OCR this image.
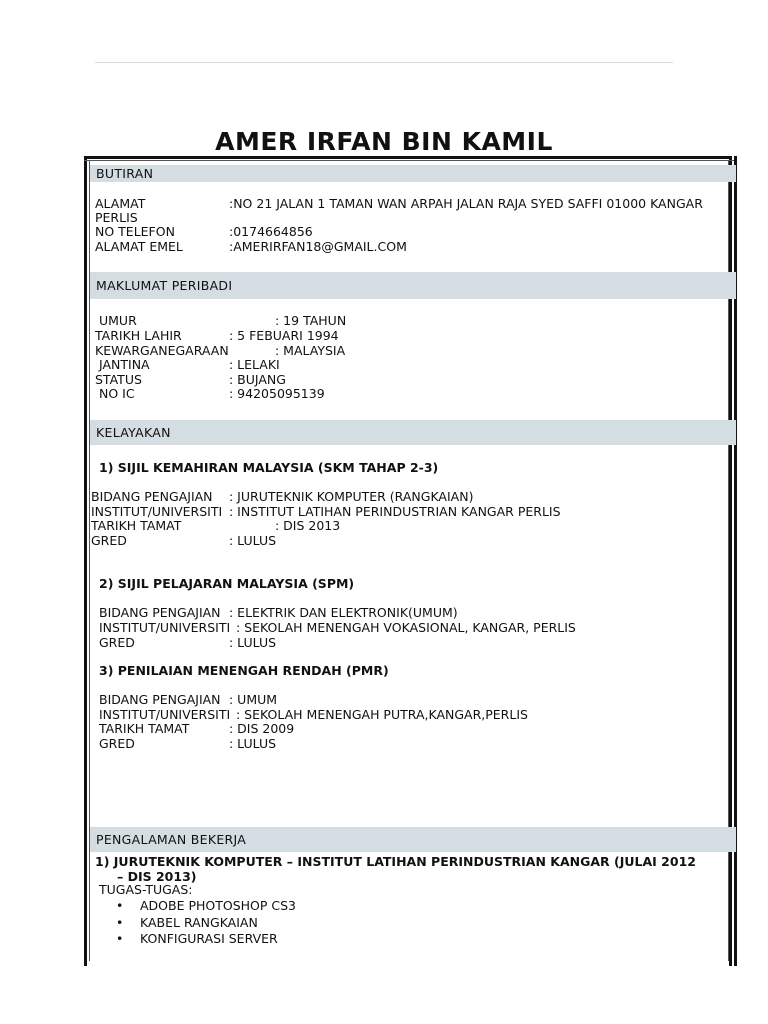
AMER IRFAN BIN KAMIL
BUTIRAN
ALAMAT	:NO 21 JALAN 1 TAMAN WAN ARPAH JALAN RAJA SYED SAFFI 01000 KANGAR
PERLIS
NO TELEFON	:0174664856
ALAMAT EMEL	:AMERIRFAN18@GMAIL.COM
MAKLUMAT PERIBADI
UMUR	: 19 TAHUN
TARIKH LAHIR	: 5 FEBUARI 1994
KEWARGANEGARAAN	: MALAYSIA
JANTINA	: LELAKI
STATUS	: BUJANG
NO IC	: 94205095139
KELAYAKAN
1) SIJIL KEMAHIRAN MALAYSIA (SKM TAHAP 2-3)
BIDANG PENGAJIAN : JURUTEKNIK KOMPUTER (RANGKAIAN)
INSTITUT/UNIVERSITI : INSTITUT LATIHAN PERINDUSTRIAN KANGAR PERLIS
TARIKH TAMAT	: DIS 2013
GRED	: LULUS
2) SIJIL PELAJARAN MALAYSIA (SPM)
BIDANG PENGAJIAN : ELEKTRIK DAN ELEKTRONIK(UMUM)
INSTITUT/UNIVERSITI : SEKOLAH MENENGAH VOKASIONAL, KANGAR, PERLIS
GRED	: LULUS
3) PENILAIAN MENENGAH RENDAH (PMR)
BIDANG PENGAJIAN : UMUM
INSTITUT/UNIVERSITI : SEKOLAH MENENGAH PUTRA,KANGAR,PERLIS
TARIKH TAMAT	: DIS 2009
GRED	: LULUS
PENGALAMAN BEKERJA
1) JURUTEKNIK KOMPUTER – INSTITUT LATIHAN PERINDUSTRIAN KANGAR (JULAI 2012
– DIS 2013)
TUGAS-TUGAS:
• ADOBE PHOTOSHOP CS3
• KABEL RANGKAIAN
• KONFIGURASI SERVER
